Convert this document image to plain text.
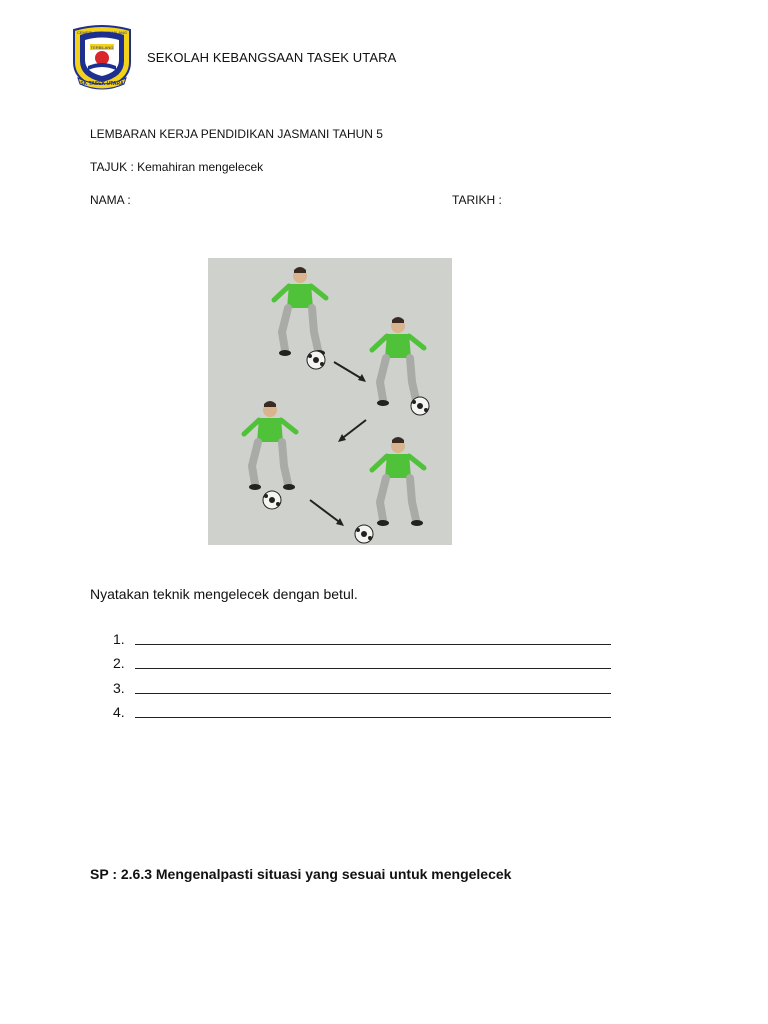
SK TASEK UTARA
CEMERLANG · GEMILANG
TERBILANG
SEKOLAH KEBANGSAAN TASEK UTARA
LEMBARAN KERJA PENDIDIKAN JASMANI TAHUN 5
TAJUK : Kemahiran mengelecek
NAMA :	TARIKH :
Nyatakan teknik mengelecek dengan betul.
1.
2.
3.
4.
SP : 2.6.3 Mengenalpasti situasi yang sesuai untuk mengelecek
